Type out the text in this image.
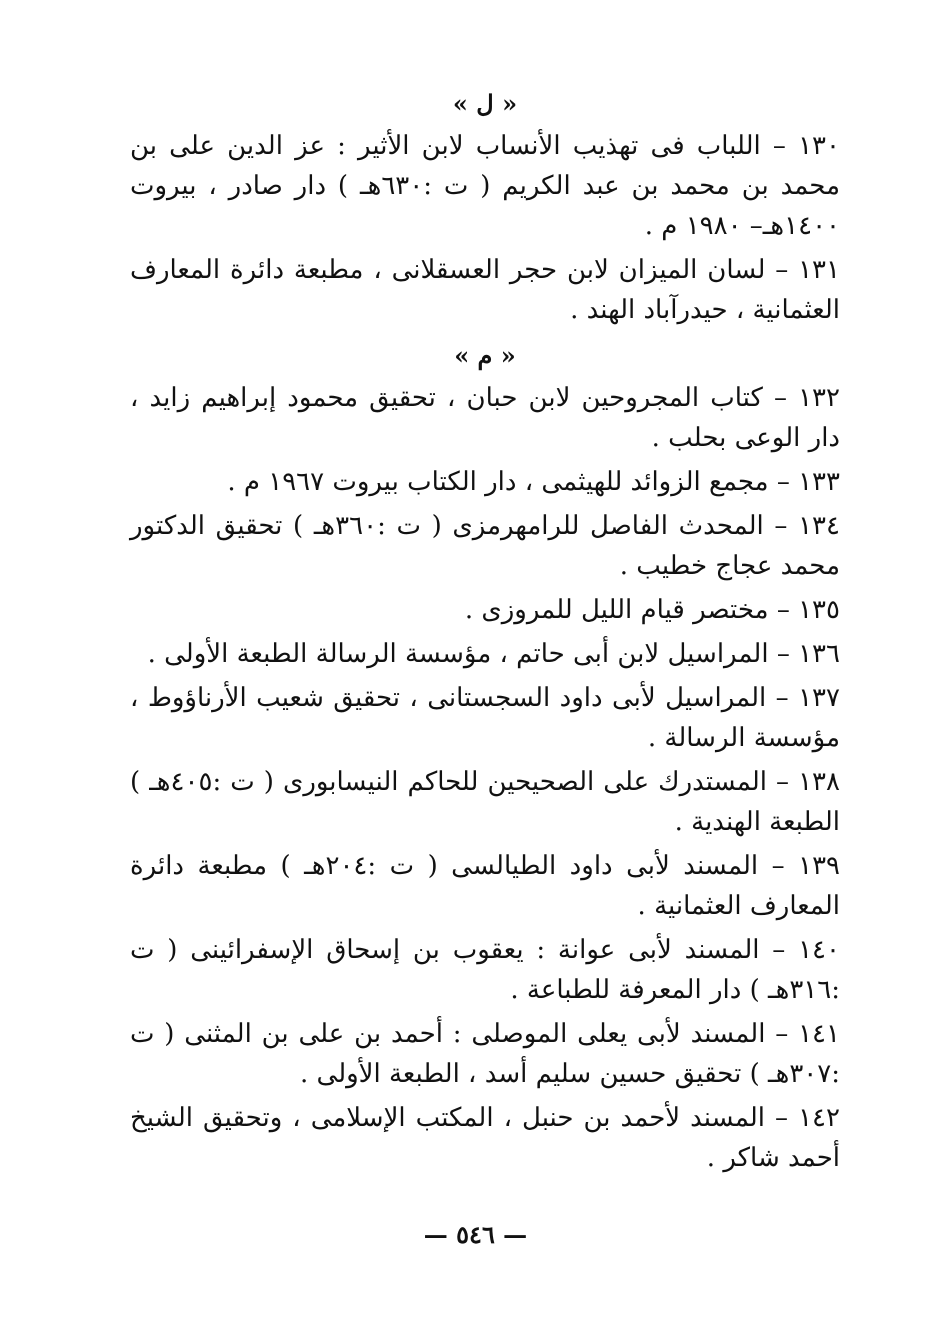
« ل »

١٣٠ – اللباب فى تهذيب الأنساب لابن الأثير : عز الدين على بن محمد بن محمد بن عبد الكريم ( ت :٦٣٠هـ ) دار صادر ، بيروت ١٤٠٠هـ– ١٩٨٠ م .

١٣١ – لسان الميزان لابن حجر العسقلانى ، مطبعة دائرة المعارف العثمانية ، حيدرآباد الهند .

« م »

١٣٢ – كتاب المجروحين لابن حبان ، تحقيق محمود إبراهيم زايد ، دار الوعى بحلب .

١٣٣ – مجمع الزوائد للهيثمى ، دار الكتاب بيروت ١٩٦٧ م .

١٣٤ – المحدث الفاصل للرامهرمزى ( ت :٣٦٠هـ ) تحقيق الدكتور محمد عجاج خطيب .

١٣٥ – مختصر قيام الليل للمروزى .

١٣٦ – المراسيل لابن أبى حاتم ، مؤسسة الرسالة الطبعة الأولى .

١٣٧ – المراسيل لأبى داود السجستانى ، تحقيق شعيب الأرناؤوط ، مؤسسة الرسالة .

١٣٨ – المستدرك على الصحيحين للحاكم النيسابورى ( ت :٤٠٥هـ ) الطبعة الهندية .

١٣٩ – المسند لأبى داود الطيالسى ( ت :٢٠٤هـ ) مطبعة دائرة المعارف العثمانية .

١٤٠ – المسند لأبى عوانة : يعقوب بن إسحاق الإسفرائينى ( ت :٣١٦هـ ) دار المعرفة للطباعة .

١٤١ – المسند لأبى يعلى الموصلى : أحمد بن على بن المثنى ( ت :٣٠٧هـ ) تحقيق حسين سليم أسد ، الطبعة الأولى .

١٤٢ – المسند لأحمد بن حنبل ، المكتب الإسلامى ، وتحقيق الشيخ أحمد شاكر .

— ٥٤٦ —
